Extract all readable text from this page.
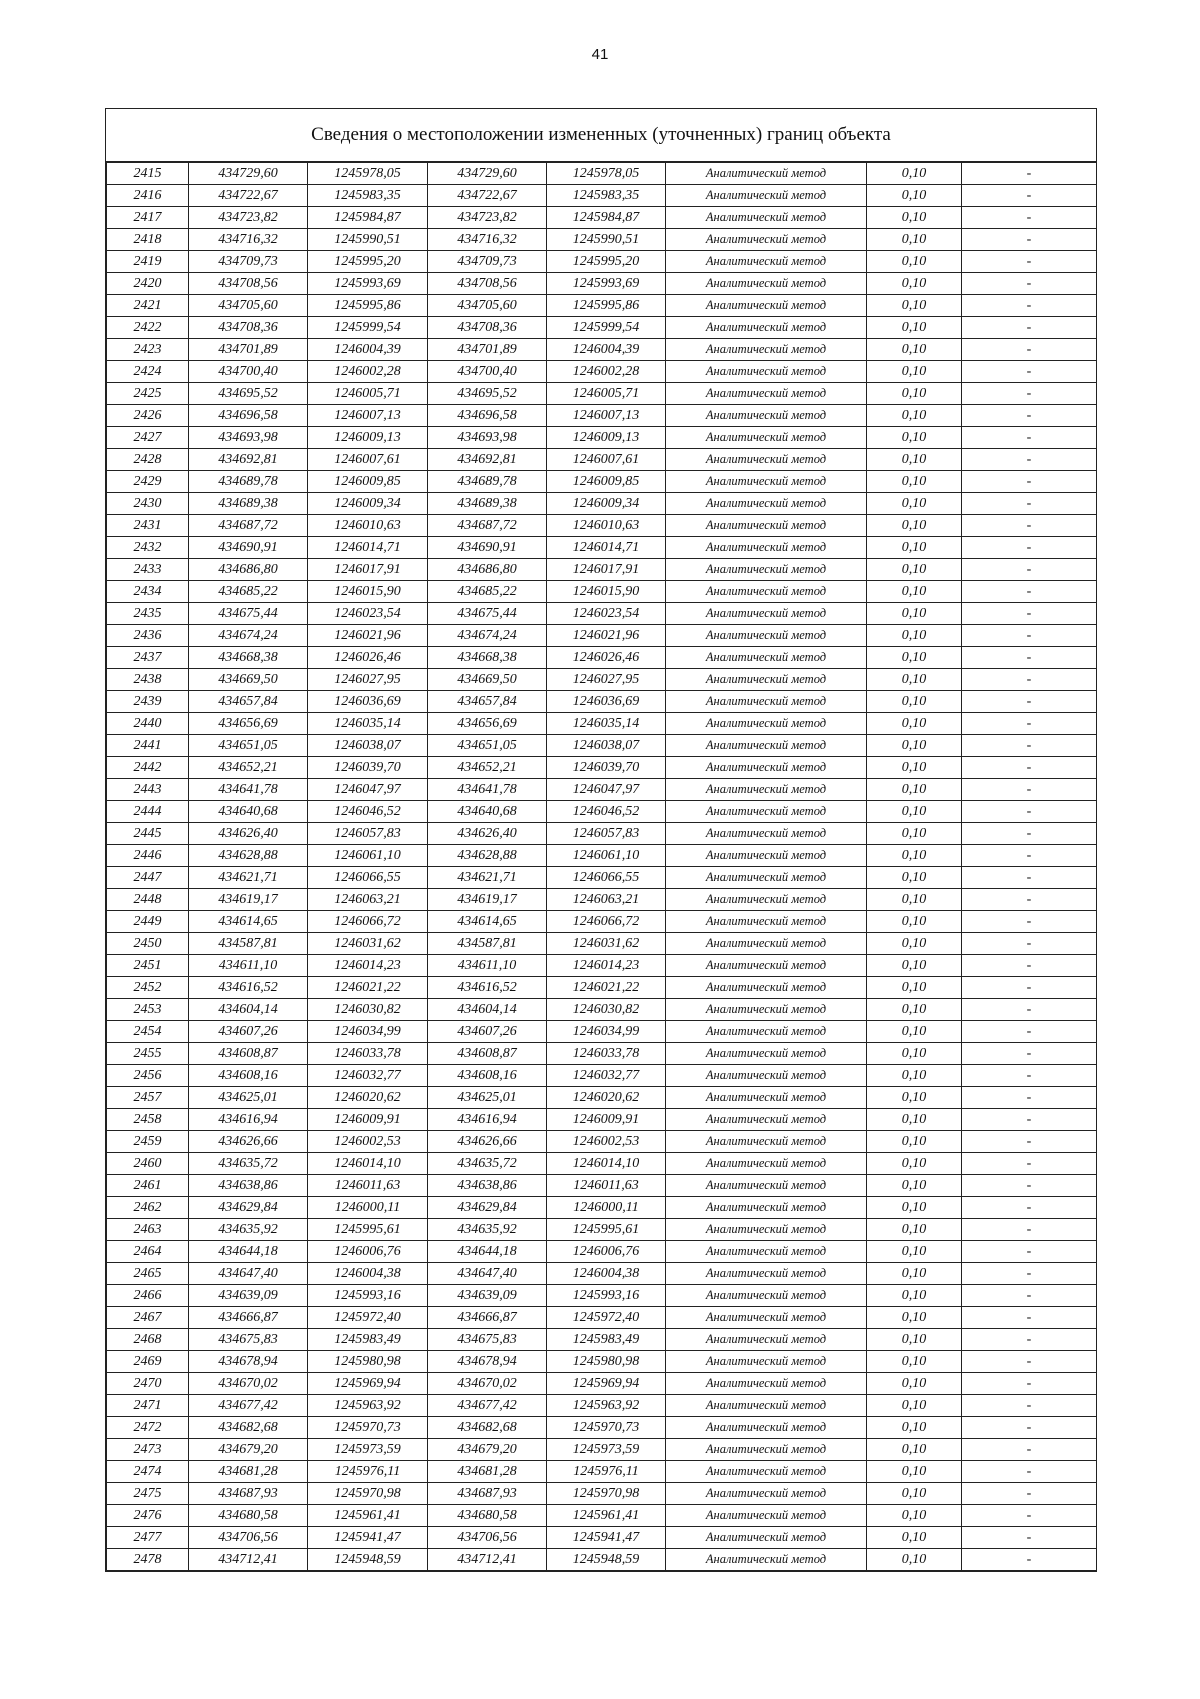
41
Сведения о местоположении измененных (уточненных) границ объекта
2415	434729,60	1245978,05	434729,60	1245978,05	Аналитический метод	0,10	-
2416	434722,67	1245983,35	434722,67	1245983,35	Аналитический метод	0,10	-
2417	434723,82	1245984,87	434723,82	1245984,87	Аналитический метод	0,10	-
2418	434716,32	1245990,51	434716,32	1245990,51	Аналитический метод	0,10	-
2419	434709,73	1245995,20	434709,73	1245995,20	Аналитический метод	0,10	-
2420	434708,56	1245993,69	434708,56	1245993,69	Аналитический метод	0,10	-
2421	434705,60	1245995,86	434705,60	1245995,86	Аналитический метод	0,10	-
2422	434708,36	1245999,54	434708,36	1245999,54	Аналитический метод	0,10	-
2423	434701,89	1246004,39	434701,89	1246004,39	Аналитический метод	0,10	-
2424	434700,40	1246002,28	434700,40	1246002,28	Аналитический метод	0,10	-
2425	434695,52	1246005,71	434695,52	1246005,71	Аналитический метод	0,10	-
2426	434696,58	1246007,13	434696,58	1246007,13	Аналитический метод	0,10	-
2427	434693,98	1246009,13	434693,98	1246009,13	Аналитический метод	0,10	-
2428	434692,81	1246007,61	434692,81	1246007,61	Аналитический метод	0,10	-
2429	434689,78	1246009,85	434689,78	1246009,85	Аналитический метод	0,10	-
2430	434689,38	1246009,34	434689,38	1246009,34	Аналитический метод	0,10	-
2431	434687,72	1246010,63	434687,72	1246010,63	Аналитический метод	0,10	-
2432	434690,91	1246014,71	434690,91	1246014,71	Аналитический метод	0,10	-
2433	434686,80	1246017,91	434686,80	1246017,91	Аналитический метод	0,10	-
2434	434685,22	1246015,90	434685,22	1246015,90	Аналитический метод	0,10	-
2435	434675,44	1246023,54	434675,44	1246023,54	Аналитический метод	0,10	-
2436	434674,24	1246021,96	434674,24	1246021,96	Аналитический метод	0,10	-
2437	434668,38	1246026,46	434668,38	1246026,46	Аналитический метод	0,10	-
2438	434669,50	1246027,95	434669,50	1246027,95	Аналитический метод	0,10	-
2439	434657,84	1246036,69	434657,84	1246036,69	Аналитический метод	0,10	-
2440	434656,69	1246035,14	434656,69	1246035,14	Аналитический метод	0,10	-
2441	434651,05	1246038,07	434651,05	1246038,07	Аналитический метод	0,10	-
2442	434652,21	1246039,70	434652,21	1246039,70	Аналитический метод	0,10	-
2443	434641,78	1246047,97	434641,78	1246047,97	Аналитический метод	0,10	-
2444	434640,68	1246046,52	434640,68	1246046,52	Аналитический метод	0,10	-
2445	434626,40	1246057,83	434626,40	1246057,83	Аналитический метод	0,10	-
2446	434628,88	1246061,10	434628,88	1246061,10	Аналитический метод	0,10	-
2447	434621,71	1246066,55	434621,71	1246066,55	Аналитический метод	0,10	-
2448	434619,17	1246063,21	434619,17	1246063,21	Аналитический метод	0,10	-
2449	434614,65	1246066,72	434614,65	1246066,72	Аналитический метод	0,10	-
2450	434587,81	1246031,62	434587,81	1246031,62	Аналитический метод	0,10	-
2451	434611,10	1246014,23	434611,10	1246014,23	Аналитический метод	0,10	-
2452	434616,52	1246021,22	434616,52	1246021,22	Аналитический метод	0,10	-
2453	434604,14	1246030,82	434604,14	1246030,82	Аналитический метод	0,10	-
2454	434607,26	1246034,99	434607,26	1246034,99	Аналитический метод	0,10	-
2455	434608,87	1246033,78	434608,87	1246033,78	Аналитический метод	0,10	-
2456	434608,16	1246032,77	434608,16	1246032,77	Аналитический метод	0,10	-
2457	434625,01	1246020,62	434625,01	1246020,62	Аналитический метод	0,10	-
2458	434616,94	1246009,91	434616,94	1246009,91	Аналитический метод	0,10	-
2459	434626,66	1246002,53	434626,66	1246002,53	Аналитический метод	0,10	-
2460	434635,72	1246014,10	434635,72	1246014,10	Аналитический метод	0,10	-
2461	434638,86	1246011,63	434638,86	1246011,63	Аналитический метод	0,10	-
2462	434629,84	1246000,11	434629,84	1246000,11	Аналитический метод	0,10	-
2463	434635,92	1245995,61	434635,92	1245995,61	Аналитический метод	0,10	-
2464	434644,18	1246006,76	434644,18	1246006,76	Аналитический метод	0,10	-
2465	434647,40	1246004,38	434647,40	1246004,38	Аналитический метод	0,10	-
2466	434639,09	1245993,16	434639,09	1245993,16	Аналитический метод	0,10	-
2467	434666,87	1245972,40	434666,87	1245972,40	Аналитический метод	0,10	-
2468	434675,83	1245983,49	434675,83	1245983,49	Аналитический метод	0,10	-
2469	434678,94	1245980,98	434678,94	1245980,98	Аналитический метод	0,10	-
2470	434670,02	1245969,94	434670,02	1245969,94	Аналитический метод	0,10	-
2471	434677,42	1245963,92	434677,42	1245963,92	Аналитический метод	0,10	-
2472	434682,68	1245970,73	434682,68	1245970,73	Аналитический метод	0,10	-
2473	434679,20	1245973,59	434679,20	1245973,59	Аналитический метод	0,10	-
2474	434681,28	1245976,11	434681,28	1245976,11	Аналитический метод	0,10	-
2475	434687,93	1245970,98	434687,93	1245970,98	Аналитический метод	0,10	-
2476	434680,58	1245961,41	434680,58	1245961,41	Аналитический метод	0,10	-
2477	434706,56	1245941,47	434706,56	1245941,47	Аналитический метод	0,10	-
2478	434712,41	1245948,59	434712,41	1245948,59	Аналитический метод	0,10	-
